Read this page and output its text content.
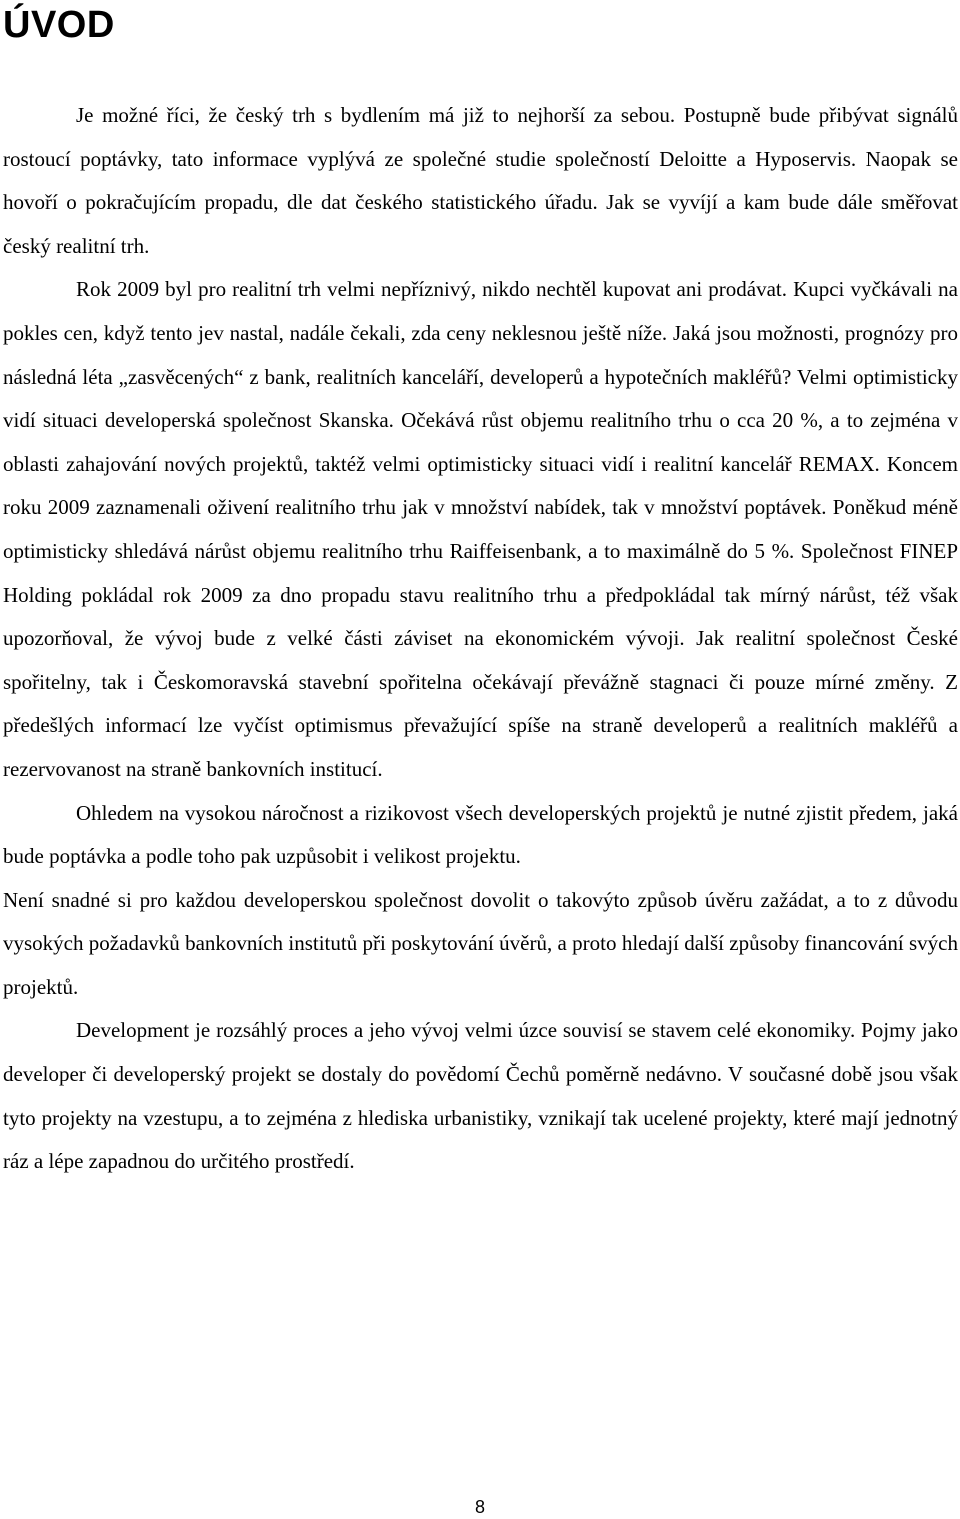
ÚVOD

Je možné říci, že český trh s bydlením má již to nejhorší za sebou. Postupně bude přibývat signálů rostoucí poptávky, tato informace vyplývá ze společné studie společností Deloitte a Hyposervis. Naopak se hovoří o pokračujícím propadu, dle dat českého statistického úřadu. Jak se vyvíjí a kam bude dále směřovat český realitní trh.

Rok 2009 byl pro realitní trh velmi nepříznivý, nikdo nechtěl kupovat ani prodávat. Kupci vyčkávali na pokles cen, když tento jev nastal, nadále čekali, zda ceny neklesnou ještě níže. Jaká jsou možnosti, prognózy pro následná léta „zasvěcených“ z bank, realitních kanceláří, developerů a hypotečních makléřů? Velmi optimisticky vidí situaci developerská společnost Skanska. Očekává růst objemu realitního trhu o cca 20 %, a to zejména v oblasti zahajování nových projektů, taktéž velmi optimisticky situaci vidí i realitní kancelář REMAX. Koncem roku 2009 zaznamenali oživení realitního trhu jak v množství nabídek, tak v množství poptávek. Poněkud méně optimisticky shledává nárůst objemu realitního trhu Raiffeisenbank, a to maximálně do 5 %. Společnost FINEP Holding pokládal rok 2009 za dno propadu stavu realitního trhu a předpokládal tak mírný nárůst, též však upozorňoval, že vývoj bude z velké části záviset na ekonomickém vývoji. Jak realitní společnost České spořitelny, tak i Českomoravská stavební spořitelna očekávají převážně stagnaci či pouze mírné změny. Z předešlých informací lze vyčíst optimismus převažující spíše na straně developerů a realitních makléřů a rezervovanost na straně bankovních institucí.

Ohledem na vysokou náročnost a rizikovost všech developerských projektů je nutné zjistit předem, jaká bude poptávka a podle toho pak uzpůsobit i velikost projektu.

Není snadné si pro každou developerskou společnost dovolit o takovýto způsob úvěru zažádat, a to z důvodu vysokých požadavků bankovních institutů při poskytování úvěrů, a proto hledají další způsoby financování svých projektů.

Development je rozsáhlý proces a jeho vývoj velmi úzce souvisí se stavem celé ekonomiky. Pojmy jako developer či developerský projekt se dostaly do povědomí Čechů poměrně nedávno. V současné době jsou však tyto projekty na vzestupu, a to zejména z hlediska urbanistiky, vznikají tak ucelené projekty, které mají jednotný ráz a lépe zapadnou do určitého prostředí.

8
